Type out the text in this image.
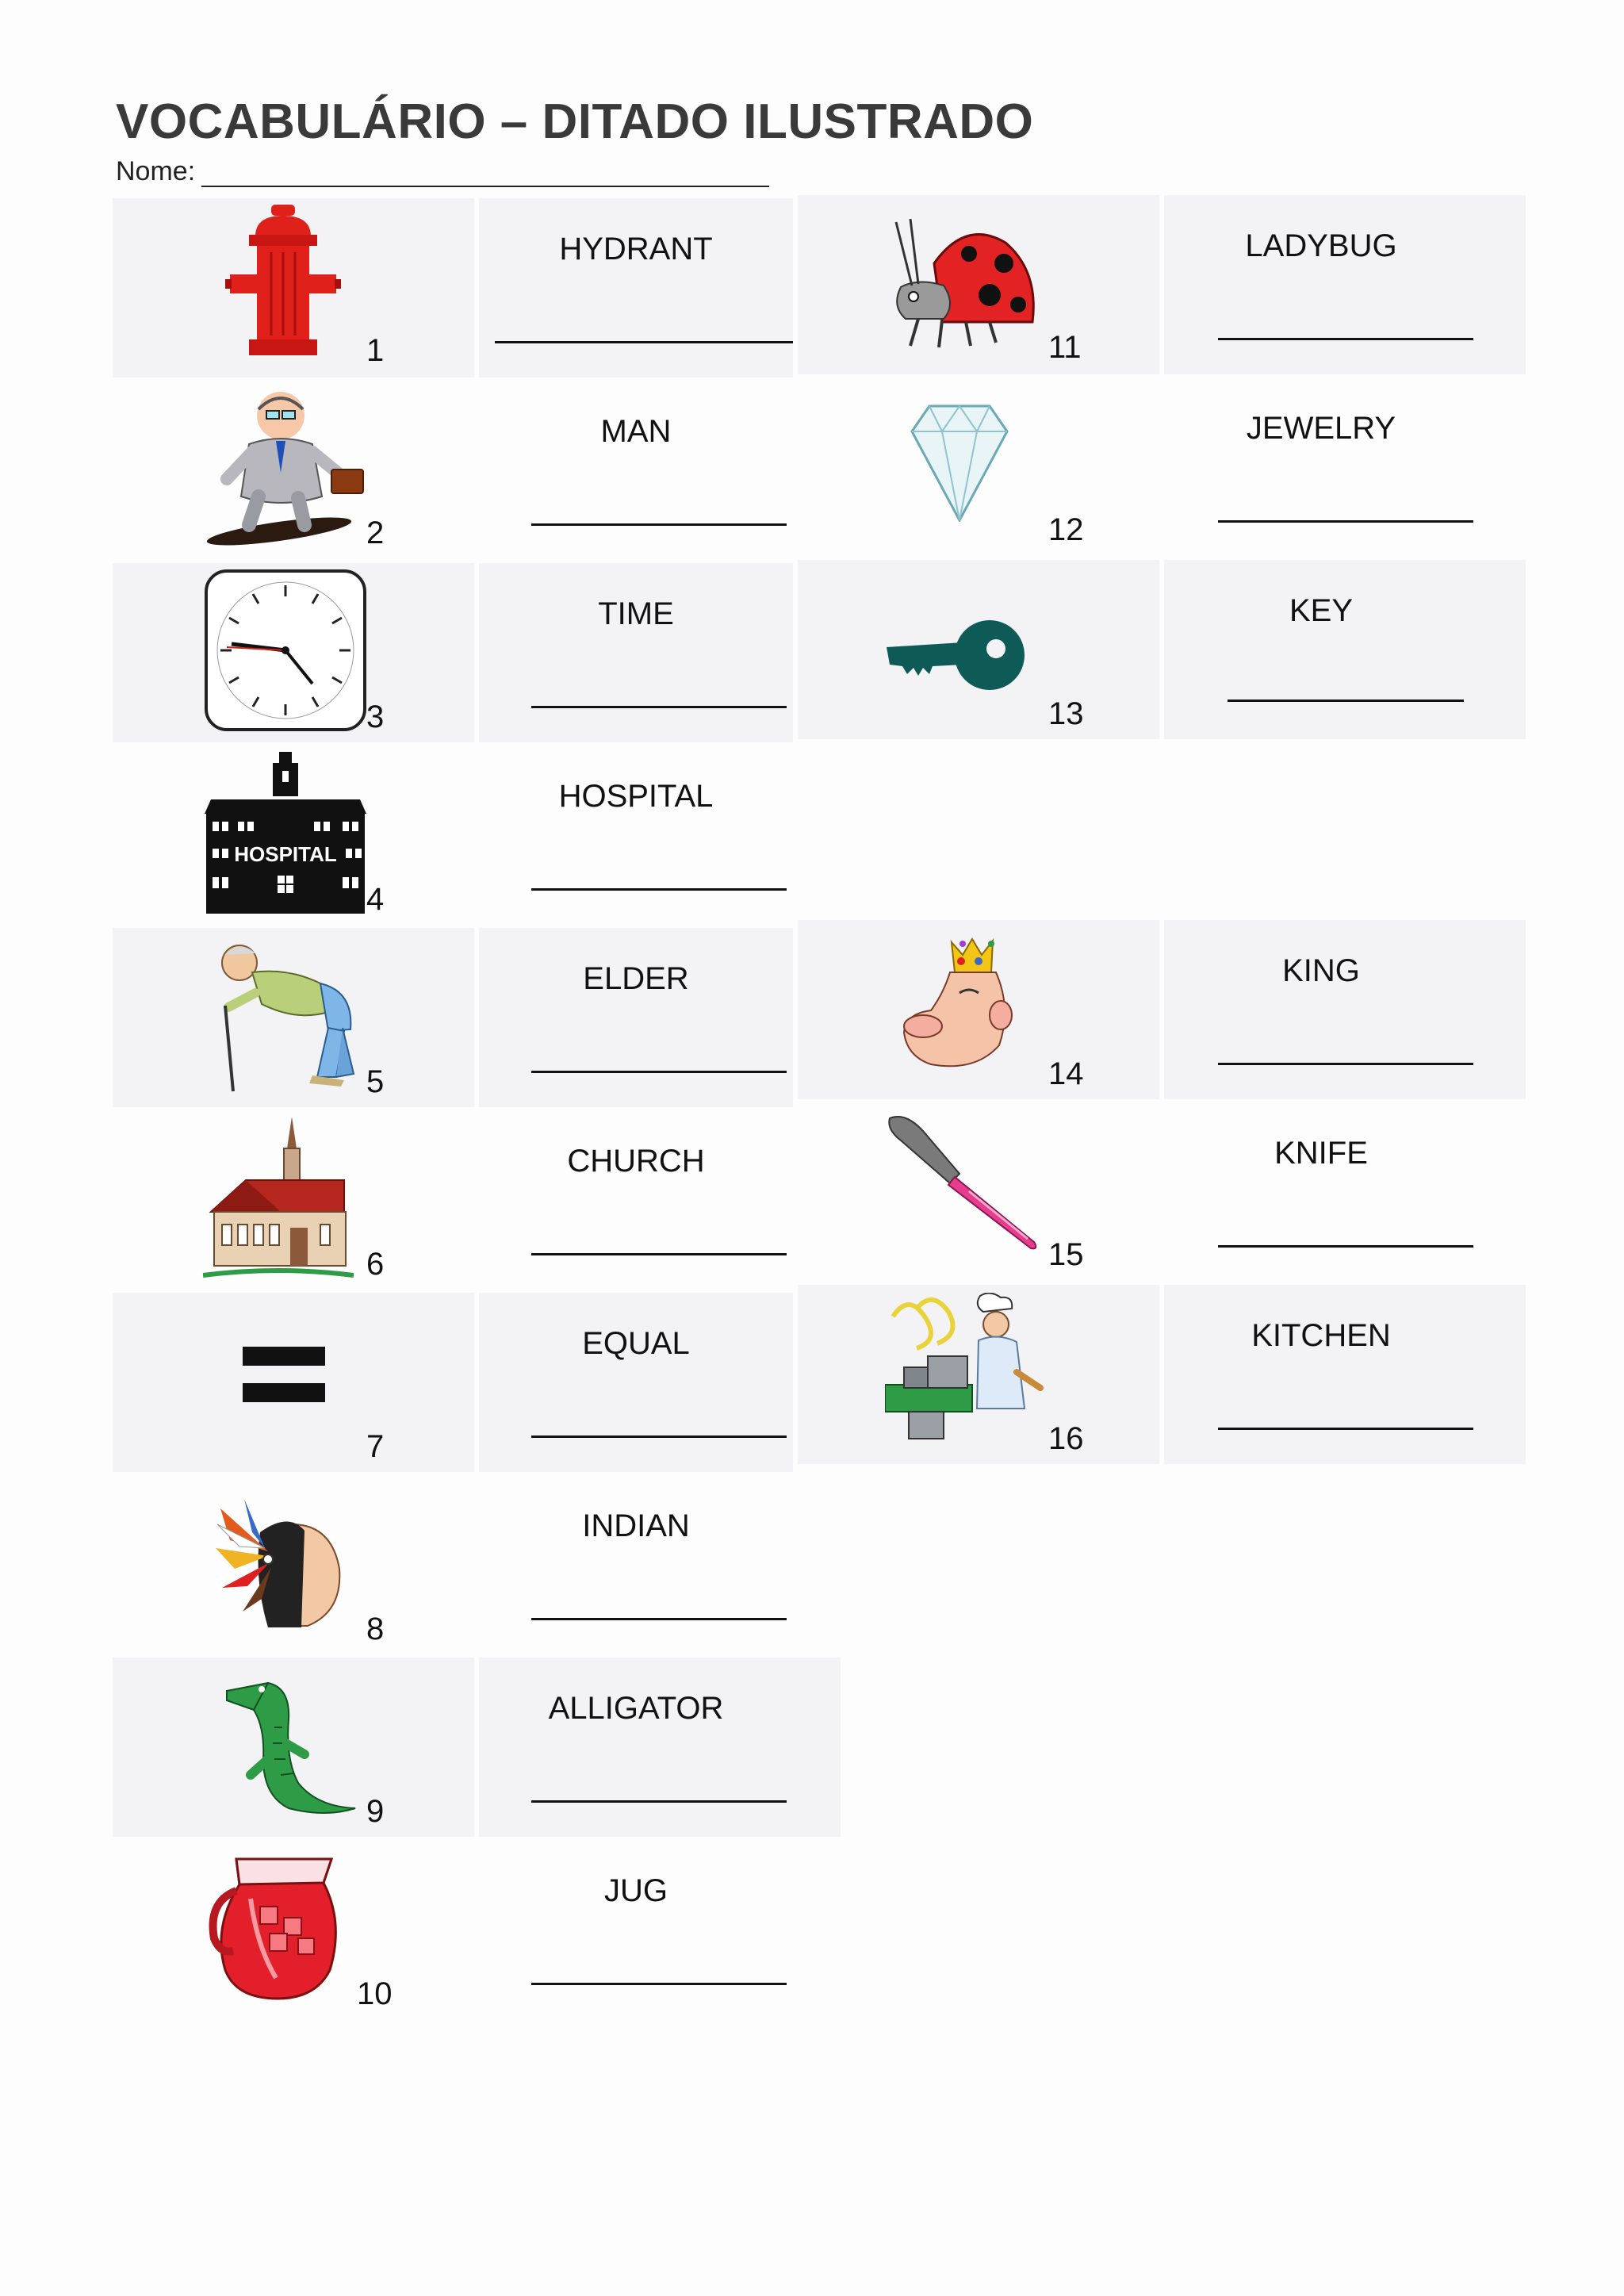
VOCABULÁRIO – DITADO ILUSTRADO
Nome:
1
HYDRANT
2
MAN
3
TIME
HOSPITAL
4
HOSPITAL
5
ELDER
6
CHURCH
7
EQUAL
8
INDIAN
9
ALLIGATOR
10
JUG
11
LADYBUG
12
JEWELRY
13
KEY
14
KING
15
KNIFE
16
KITCHEN
